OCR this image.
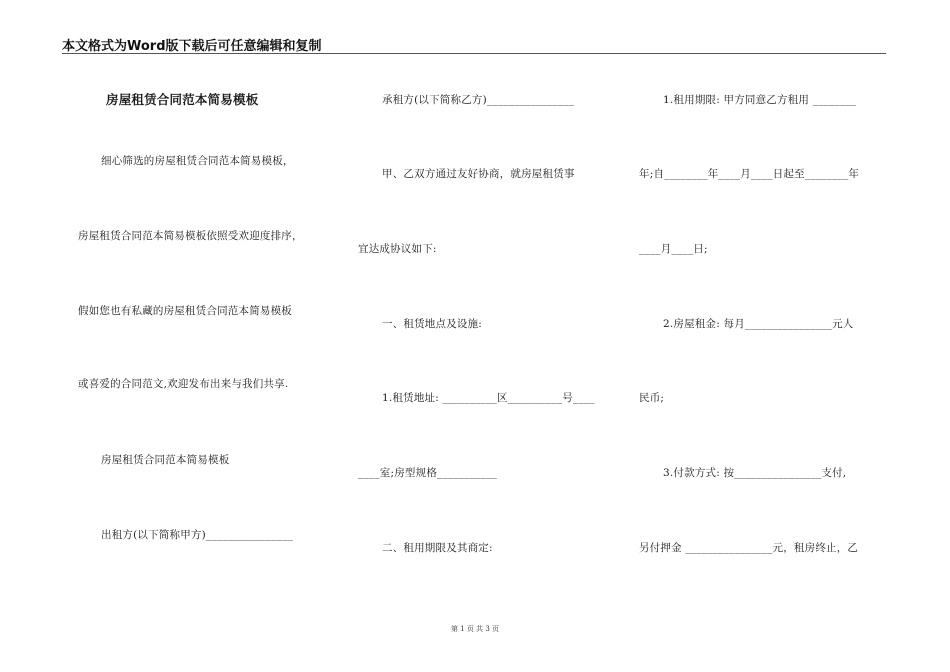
本文格式为Word版下载后可任意编辑和复制
房屋租赁合同范本简易模板
细心筛选的房屋租赁合同范本简易模板，
房屋租赁合同范本简易模板依照受欢迎度排序，
假如您也有私藏的房屋租赁合同范本简易模板
或喜爱的合同范文,欢迎发布出来与我们共享.
房屋租赁合同范本简易模板
出租方(以下简称甲方)________________
承租方(以下简称乙方)________________
甲、乙双方通过友好协商，就房屋租赁事
宜达成协议如下:
一、租赁地点及设施:
1.租赁地址: __________区__________号____
____室;房型规格___________
二、租用期限及其商定:
1.租用期限: 甲方同意乙方租用 ________
年;自________年____月____日起至________年
____月____日;
2.房屋租金: 每月________________元人
民币;
3.付款方式: 按________________支付,
另付押金 ________________元，租房终止，乙
第 1 页 共 3 页
